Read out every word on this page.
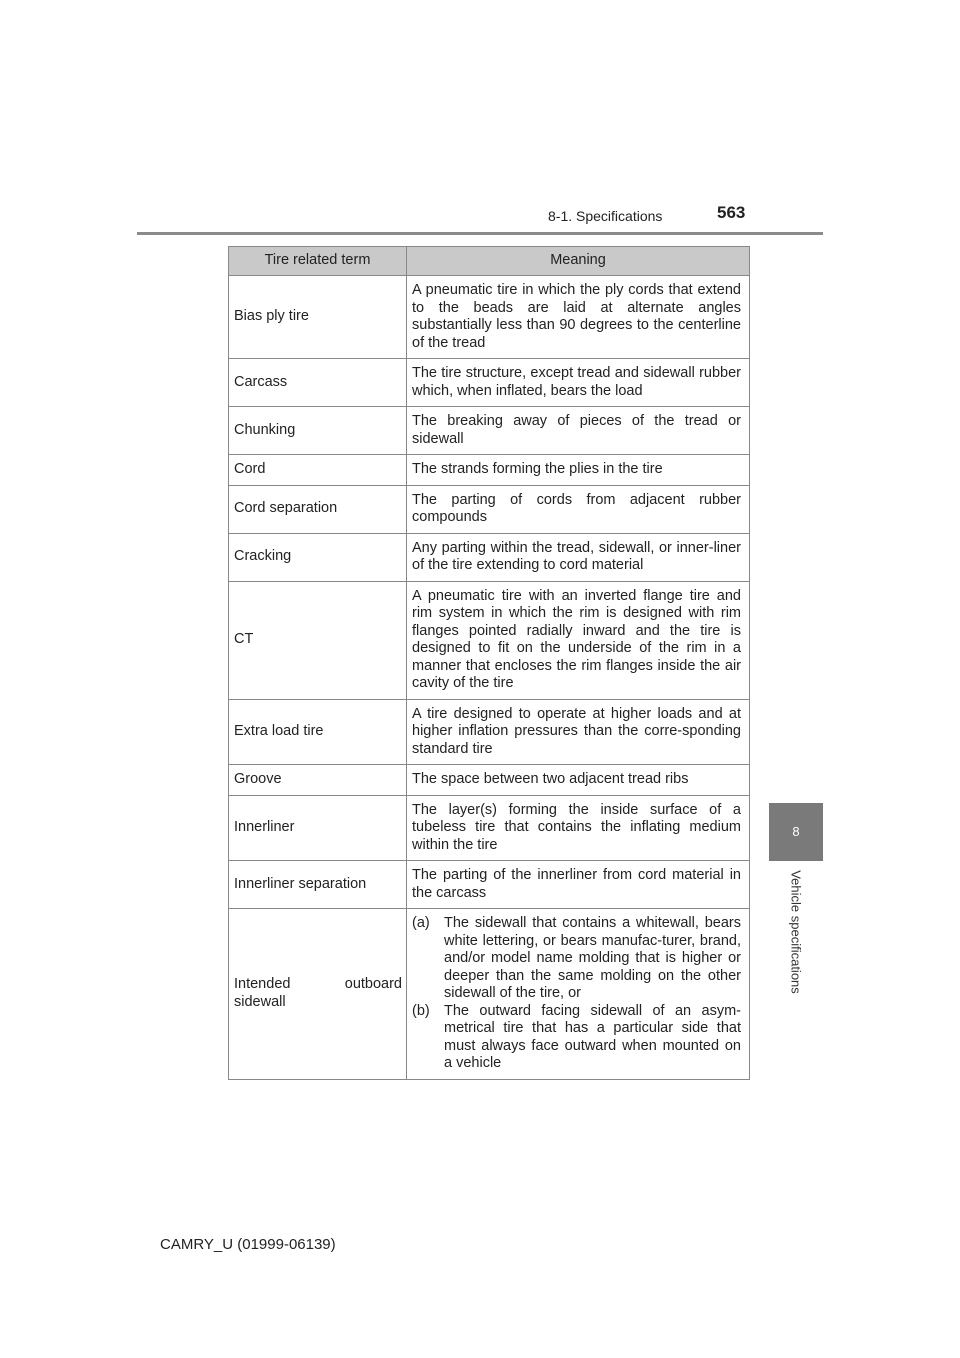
8-1. Specifications	563
8
Vehicle specifications
Tire related term	Meaning
Bias ply tire	A pneumatic tire in which the ply cords that extend to the beads are laid at alternate angles substantially less than 90 degrees to the centerline of the tread
Carcass	The tire structure, except tread and sidewall rubber which, when inflated, bears the load
Chunking	The breaking away of pieces of the tread or sidewall
Cord	The strands forming the plies in the tire
Cord separation	The parting of cords from adjacent rubber compounds
Cracking	Any parting within the tread, sidewall, or inner-liner of the tire extending to cord material
CT	A pneumatic tire with an inverted flange tire and rim system in which the rim is designed with rim flanges pointed radially inward and the tire is designed to fit on the underside of the rim in a manner that encloses the rim flanges inside the air cavity of the tire
Extra load tire	A tire designed to operate at higher loads and at higher inflation pressures than the corre-sponding standard tire
Groove	The space between two adjacent tread ribs
Innerliner	The layer(s) forming the inside surface of a tubeless tire that contains the inflating medium within the tire
Innerliner separation	The parting of the innerliner from cord material in the carcass
Intended outboard sidewall	(a) The sidewall that contains a whitewall, bears white lettering, or bears manufac-turer, brand, and/or model name molding that is higher or deeper than the same molding on the other sidewall of the tire, or
(b) The outward facing sidewall of an asym-metrical tire that has a particular side that must always face outward when mounted on a vehicle
CAMRY_U (01999-06139)
